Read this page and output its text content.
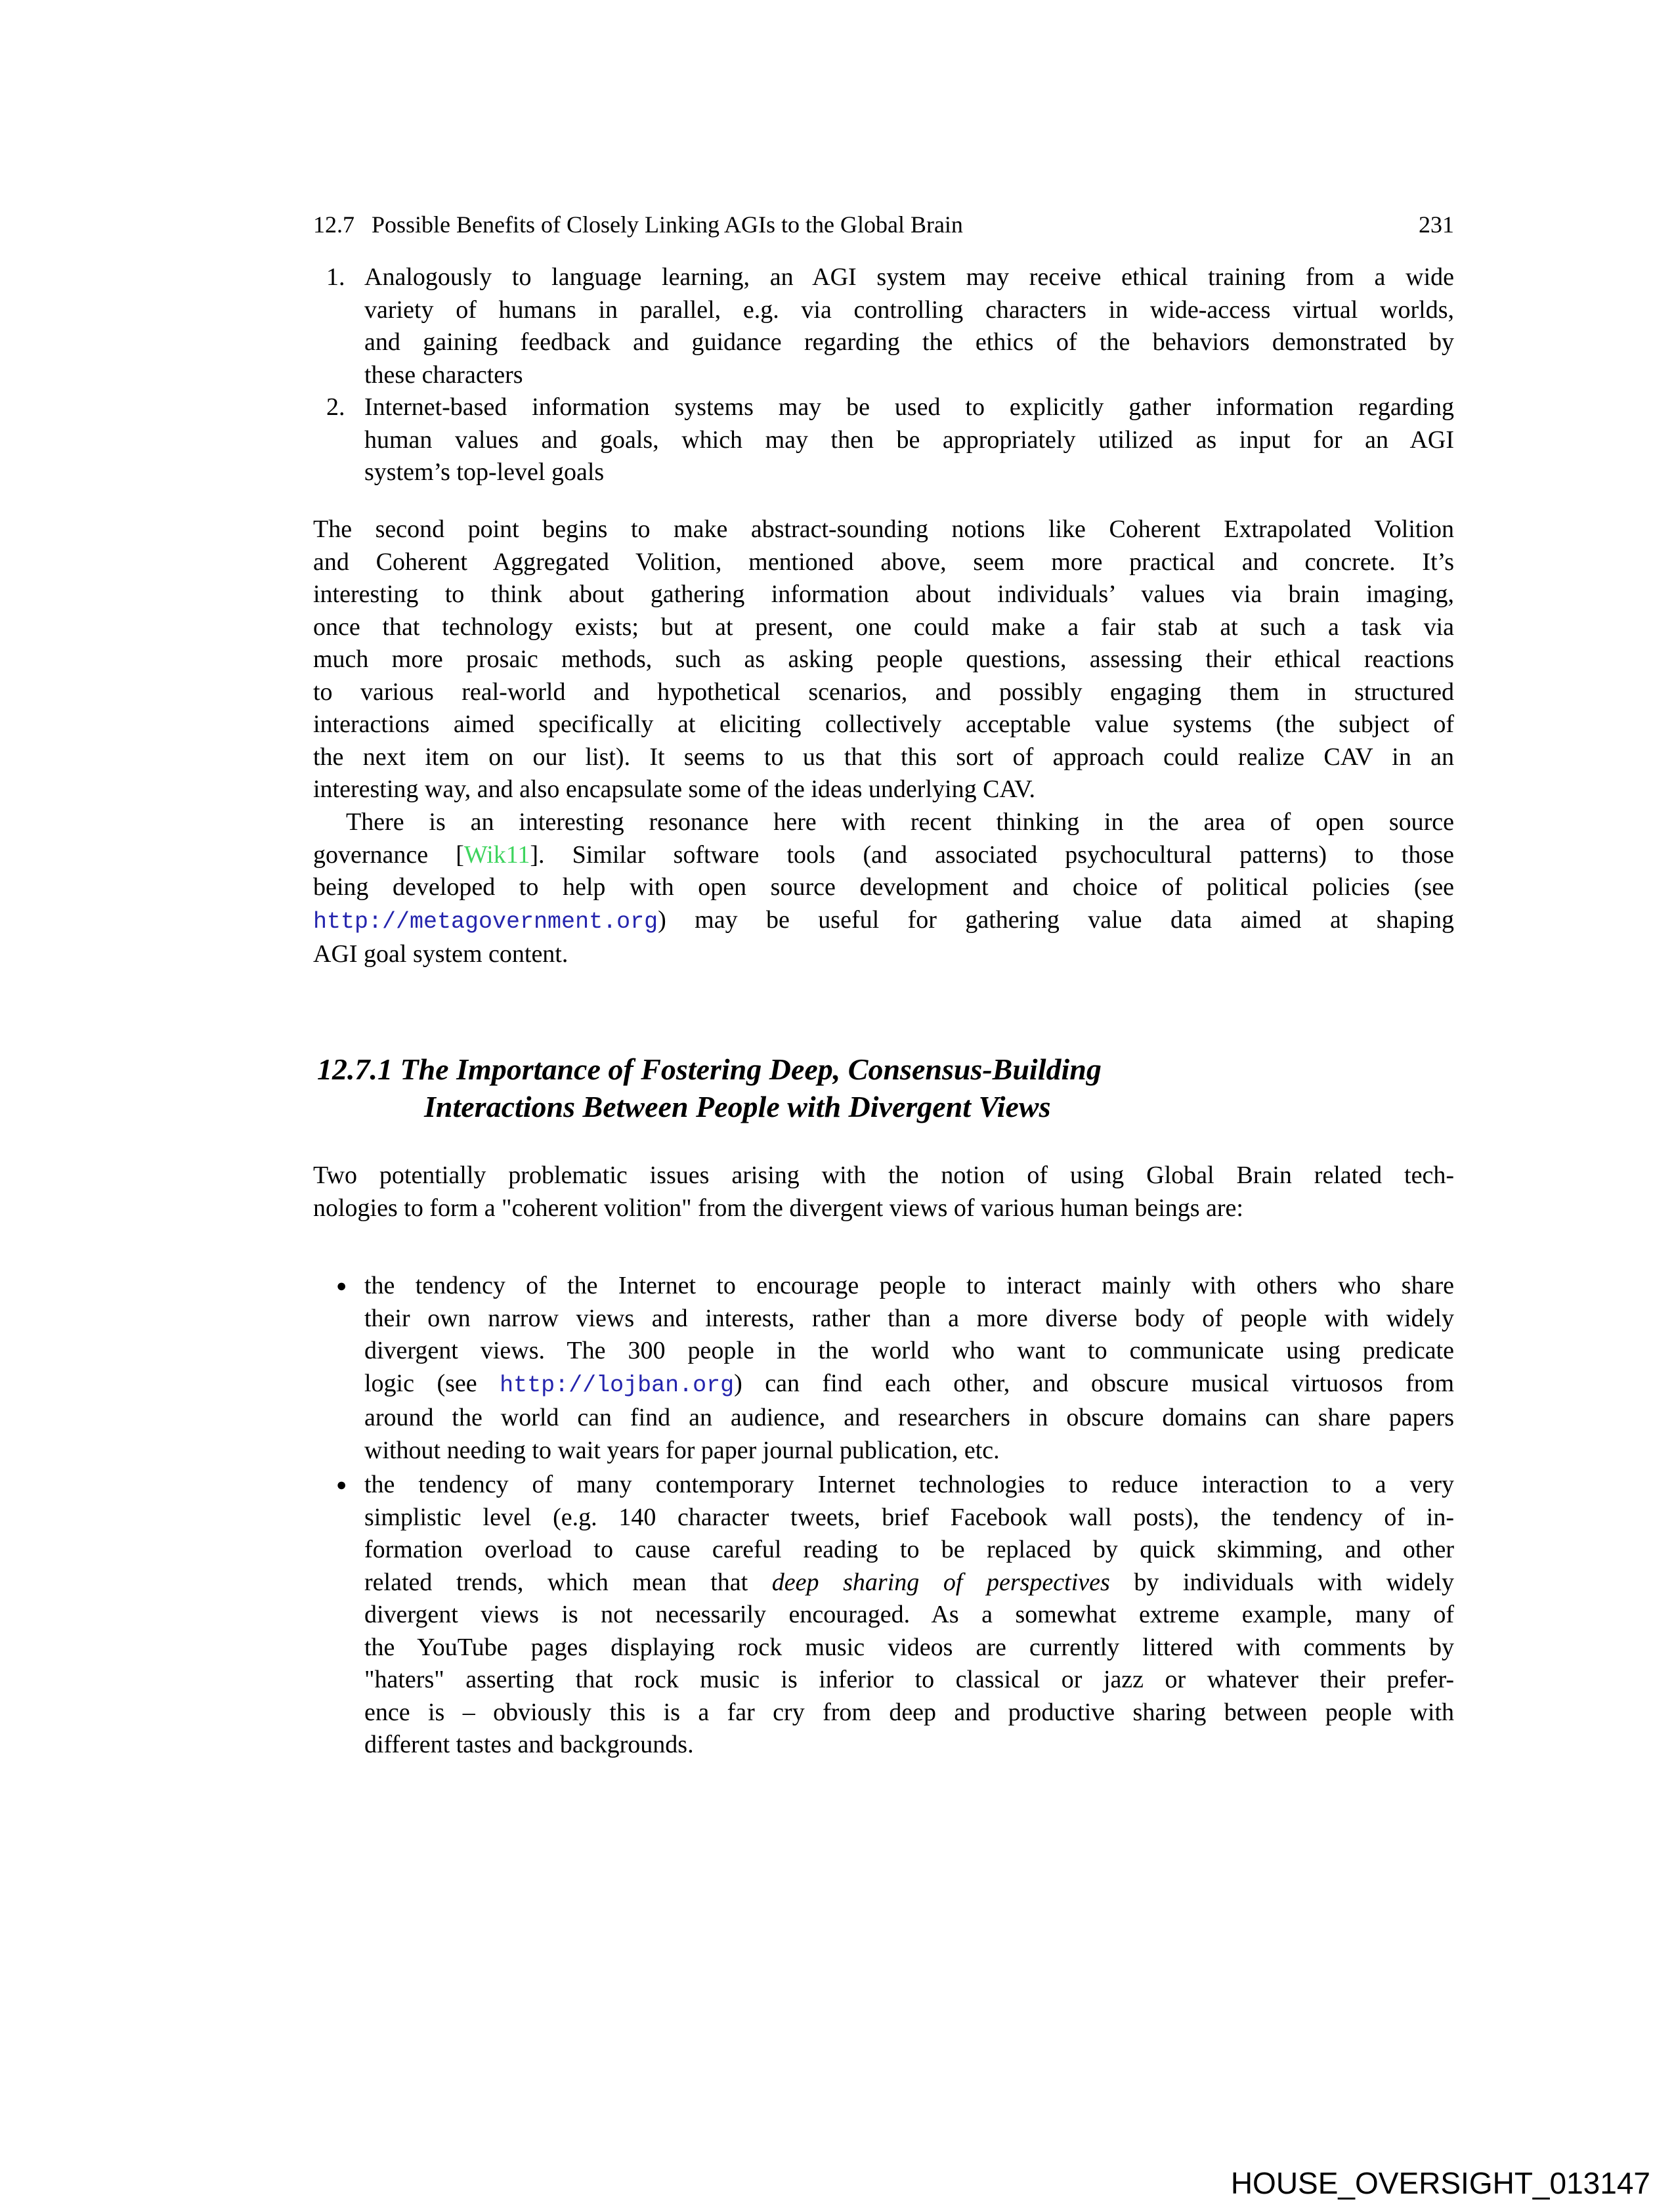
12.7 Possible Benefits of Closely Linking AGIs to the Global Brain	231
1. Analogously to language learning, an AGI system may receive ethical training from a wide
variety of humans in parallel, e.g. via controlling characters in wide-access virtual worlds,
and gaining feedback and guidance regarding the ethics of the behaviors demonstrated by
these characters
2. Internet-based information systems may be used to explicitly gather information regarding
human values and goals, which may then be appropriately utilized as input for an AGI
system’s top-level goals
The second point begins to make abstract-sounding notions like Coherent Extrapolated Volition
and Coherent Aggregated Volition, mentioned above, seem more practical and concrete. It’s
interesting to think about gathering information about individuals’ values via brain imaging,
once that technology exists; but at present, one could make a fair stab at such a task via
much more prosaic methods, such as asking people questions, assessing their ethical reactions
to various real-world and hypothetical scenarios, and possibly engaging them in structured
interactions aimed specifically at eliciting collectively acceptable value systems (the subject of
the next item on our list). It seems to us that this sort of approach could realize CAV in an
interesting way, and also encapsulate some of the ideas underlying CAV.
There is an interesting resonance here with recent thinking in the area of open source
governance [Wik11]. Similar software tools (and associated psychocultural patterns) to those
being developed to help with open source development and choice of political policies (see
http://metagovernment.org) may be useful for gathering value data aimed at shaping
AGI goal system content.
12.7.1 The Importance of Fostering Deep, Consensus-Building
Interactions Between People with Divergent Views
Two potentially problematic issues arising with the notion of using Global Brain related tech-
nologies to form a "coherent volition" from the divergent views of various human beings are:
● the tendency of the Internet to encourage people to interact mainly with others who share
their own narrow views and interests, rather than a more diverse body of people with widely
divergent views. The 300 people in the world who want to communicate using predicate
logic (see http://lojban.org) can find each other, and obscure musical virtuosos from
around the world can find an audience, and researchers in obscure domains can share papers
without needing to wait years for paper journal publication, etc.
● the tendency of many contemporary Internet technologies to reduce interaction to a very
simplistic level (e.g. 140 character tweets, brief Facebook wall posts), the tendency of in-
formation overload to cause careful reading to be replaced by quick skimming, and other
related trends, which mean that deep sharing of perspectives by individuals with widely
divergent views is not necessarily encouraged. As a somewhat extreme example, many of
the YouTube pages displaying rock music videos are currently littered with comments by
"haters" asserting that rock music is inferior to classical or jazz or whatever their prefer-
ence is – obviously this is a far cry from deep and productive sharing between people with
different tastes and backgrounds.
HOUSE_OVERSIGHT_013147
